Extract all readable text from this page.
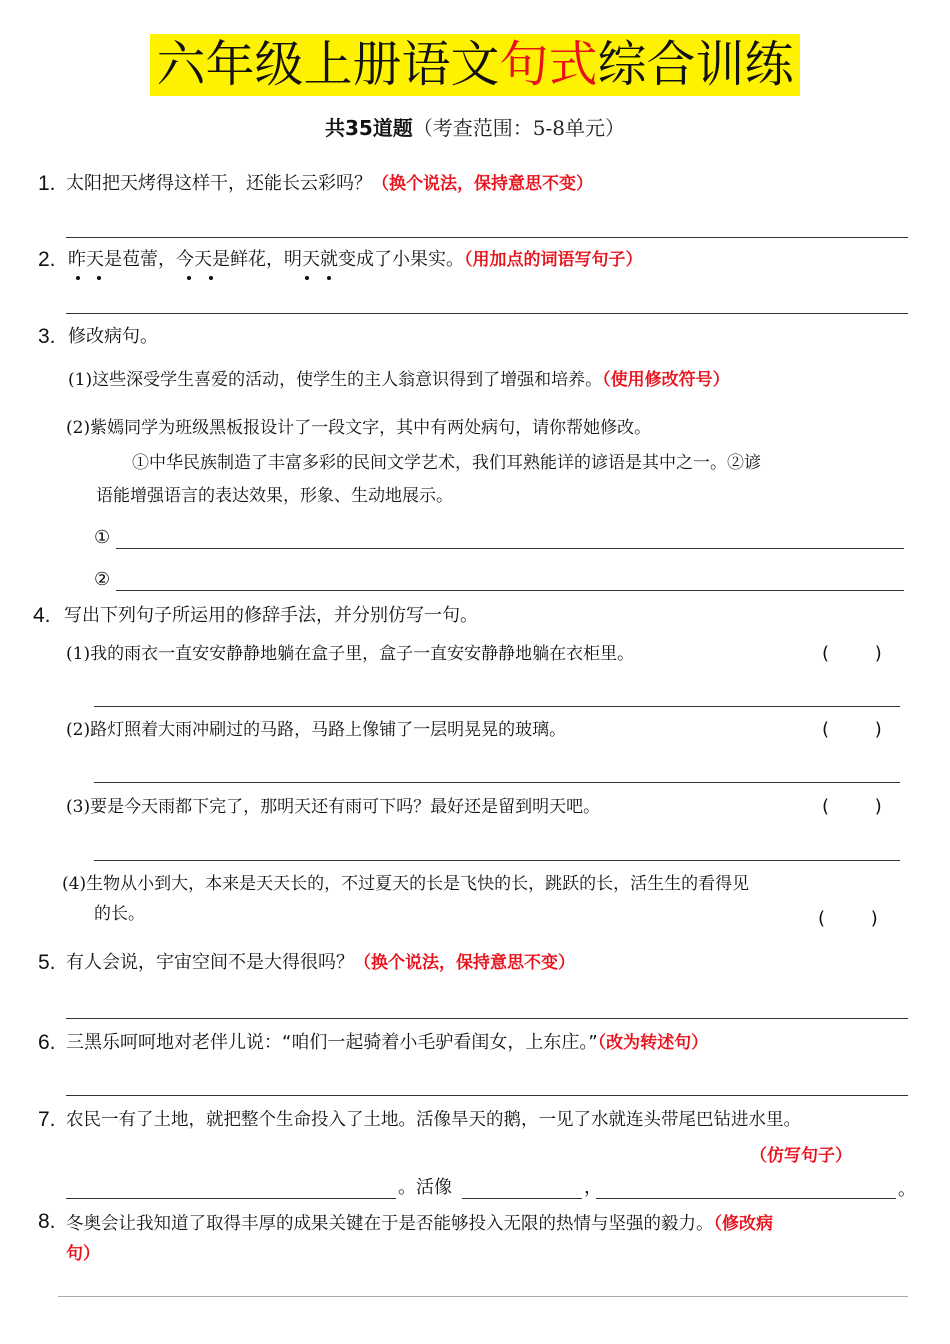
六年级上册语文句式综合训练
共35道题（考查范围：5-8单元）
1. 太阳把天烤得这样干，还能长云彩吗？（换个说法，保持意思不变）
2. 昨天是苞蕾，今天是鲜花，明天就变成了小果实。（用加点的词语写句子）
3. 修改病句。
(1)这些深受学生喜爱的活动，使学生的主人翁意识得到了增强和培养。（使用修改符号）
(2)紫嫣同学为班级黑板报设计了一段文字，其中有两处病句，请你帮她修改。
①中华民族制造了丰富多彩的民间文学艺术，我们耳熟能详的谚语是其中之一。②谚
语能增强语言的表达效果，形象、生动地展示。
①
②
4. 写出下列句子所运用的修辞手法，并分别仿写一句。
(1)我的雨衣一直安安静静地躺在盒子里，盒子一直安安静静地躺在衣柜里。	(        )
(2)路灯照着大雨冲刷过的马路，马路上像铺了一层明晃晃的玻璃。	(        )
(3)要是今天雨都下完了，那明天还有雨可下吗？最好还是留到明天吧。	(        )
(4)生物从小到大，本来是天天长的，不过夏天的长是飞快的长，跳跃的长，活生生的看得见
的长。	(        )
5. 有人会说，宇宙空间不是大得很吗？（换个说法，保持意思不变）
6. 三黑乐呵呵地对老伴儿说：“咱们一起骑着小毛驴看闺女，上东庄。”（改为转述句）
7. 农民一有了土地，就把整个生命投入了土地。活像旱天的鹅，一见了水就连头带尾巴钻进水里。
（仿写句子）
。活像	，	。
8. 冬奥会让我知道了取得丰厚的成果关键在于是否能够投入无限的热情与坚强的毅力。（修改病
句）
